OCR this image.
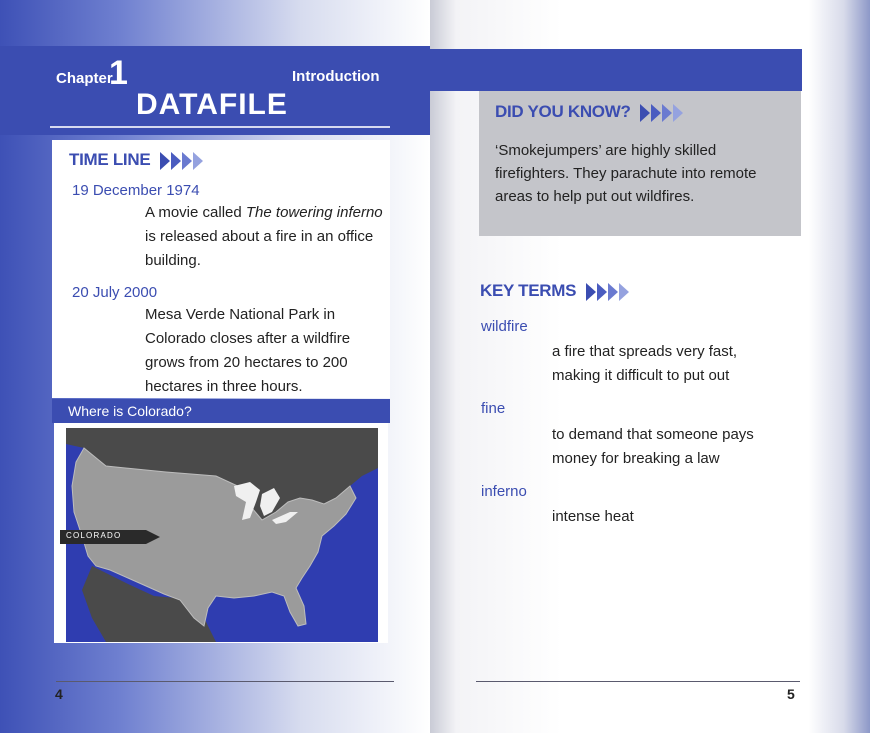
Chapter
1	Introduction
DATAFILE
TIME LINE
19 December 1974
A movie called The towering inferno is released about a fire in an office building.
20 July 2000
Mesa Verde National Park in Colorado closes after a wildfire grows from 20 hectares to 200 hectares in three hours.
Where is Colorado?
COLORADO
4
DID YOU KNOW?
‘Smokejumpers’ are highly skilled firefighters. They parachute into remote areas to help put out wildfires.
KEY TERMS
wildfire
a fire that spreads very fast, making it difficult to put out
fine
to demand that someone pays money for breaking a law
inferno
intense heat
5
